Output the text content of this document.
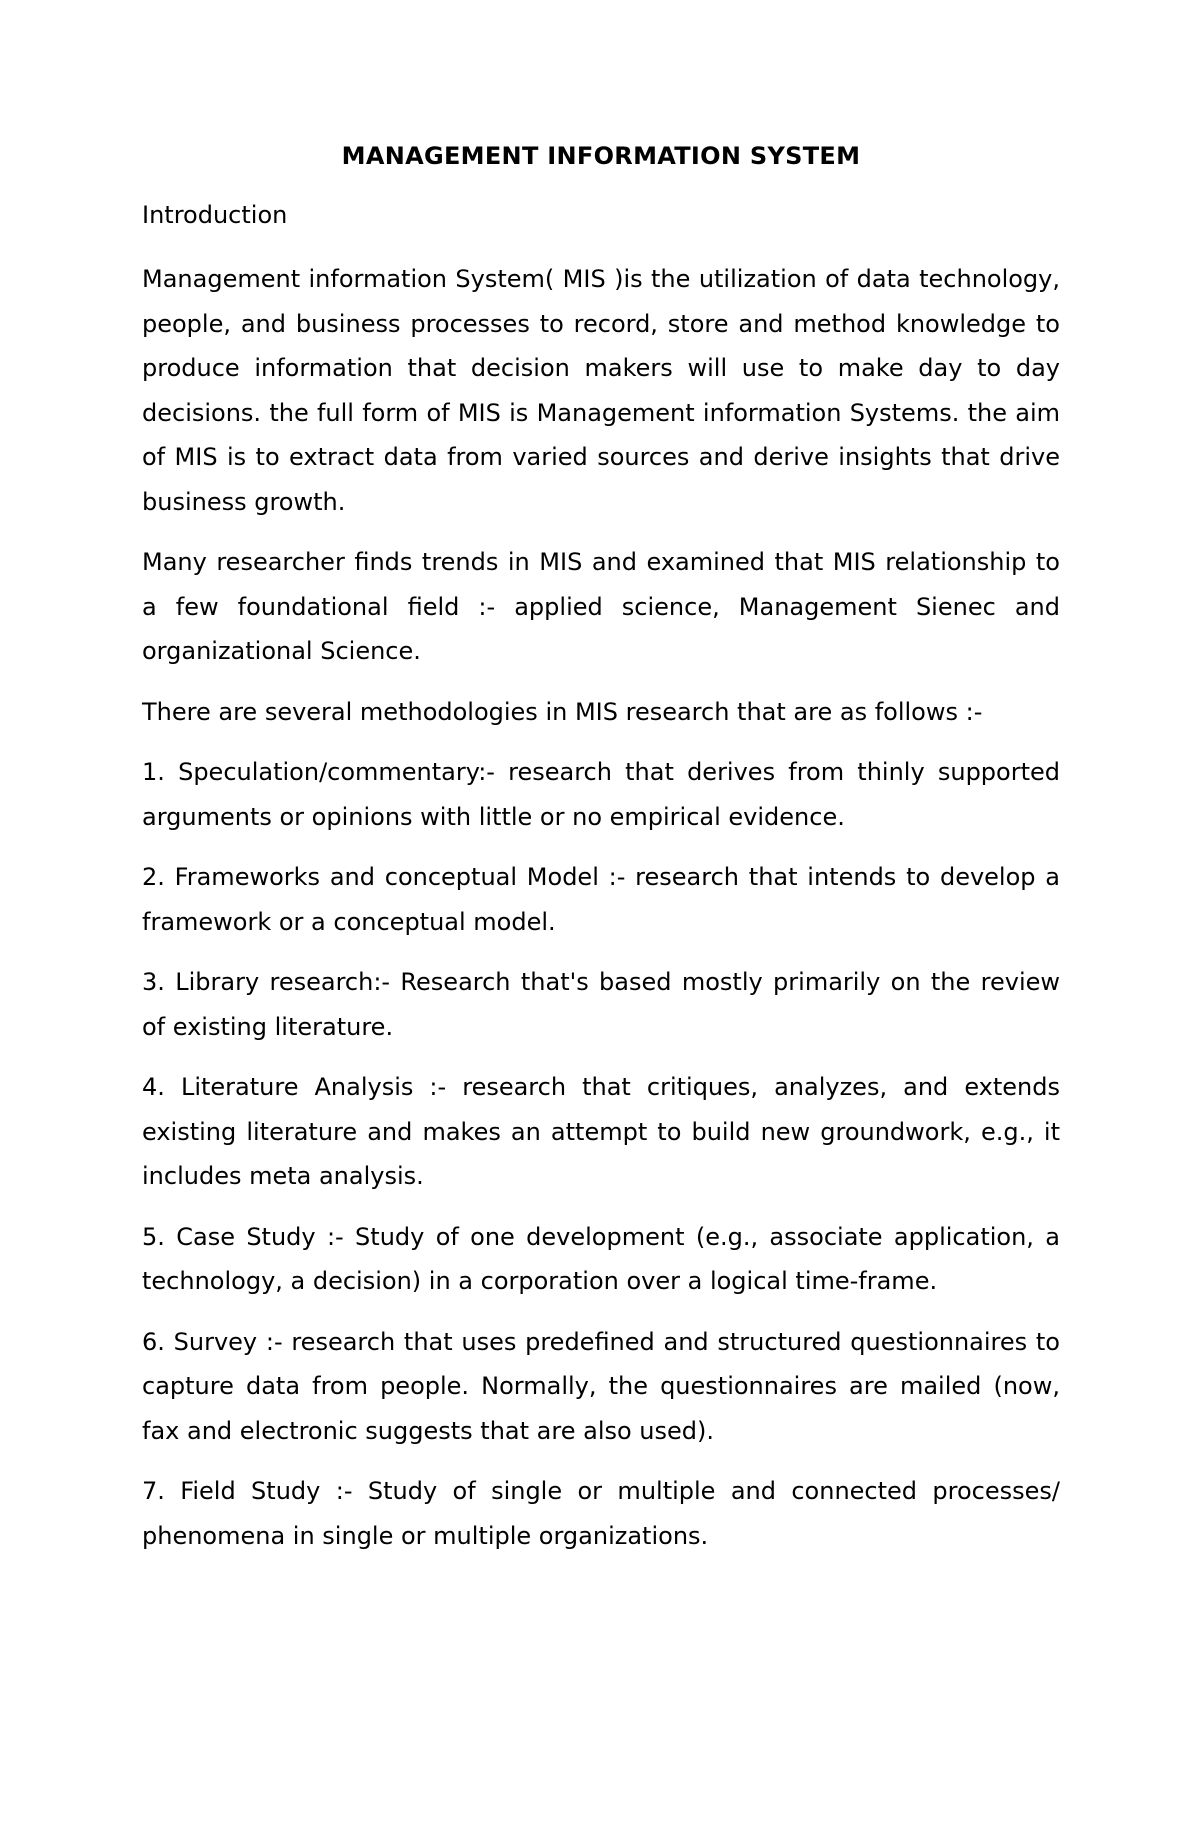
MANAGEMENT INFORMATION SYSTEM
Introduction

Management information System( MIS )is the utilization of data technology, people, and business processes to record, store and method knowledge to produce information that decision makers will use to make day to day decisions. the full form of MIS is Management information Systems. the aim of MIS is to extract data from varied sources and derive insights that drive business growth.

Many researcher finds trends in MIS and examined that MIS relationship to a few foundational field :- applied science, Management Sienec and organizational Science.

There are several methodologies in MIS research that are as follows :-

1. Speculation/commentary:- research that derives from thinly supported arguments or opinions with little or no empirical evidence.

2. Frameworks and conceptual Model :- research that intends to develop a framework or a conceptual model.

3. Library research:- Research that's based mostly primarily on the review of existing literature.

4. Literature Analysis :- research that critiques, analyzes, and extends existing literature and makes an attempt to build new groundwork, e.g., it includes meta analysis.

5. Case Study :- Study of one development (e.g., associate application, a technology, a decision) in a corporation over a logical time-frame.

6. Survey :- research that uses predefined and structured questionnaires to capture data from people. Normally, the questionnaires are mailed (now, fax and electronic suggests that are also used).

7. Field Study :- Study of single or multiple and connected processes/ phenomena in single or multiple organizations.
